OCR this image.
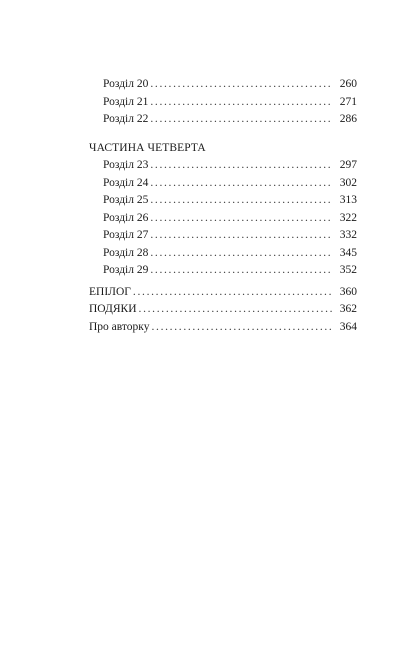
Розділ 20 . . .	260
Розділ 21 . . .	271
Розділ 22 . . .	286
ЧАСТИНА ЧЕТВЕРТА
Розділ 23 . . .	297
Розділ 24 . . .	302
Розділ 25 . . .	313
Розділ 26 . . .	322
Розділ 27 . . .	332
Розділ 28 . . .	345
Розділ 29 . . .	352
ЕПІЛОГ . . .	360
ПОДЯКИ . . .	362
Про авторку . . .	364
